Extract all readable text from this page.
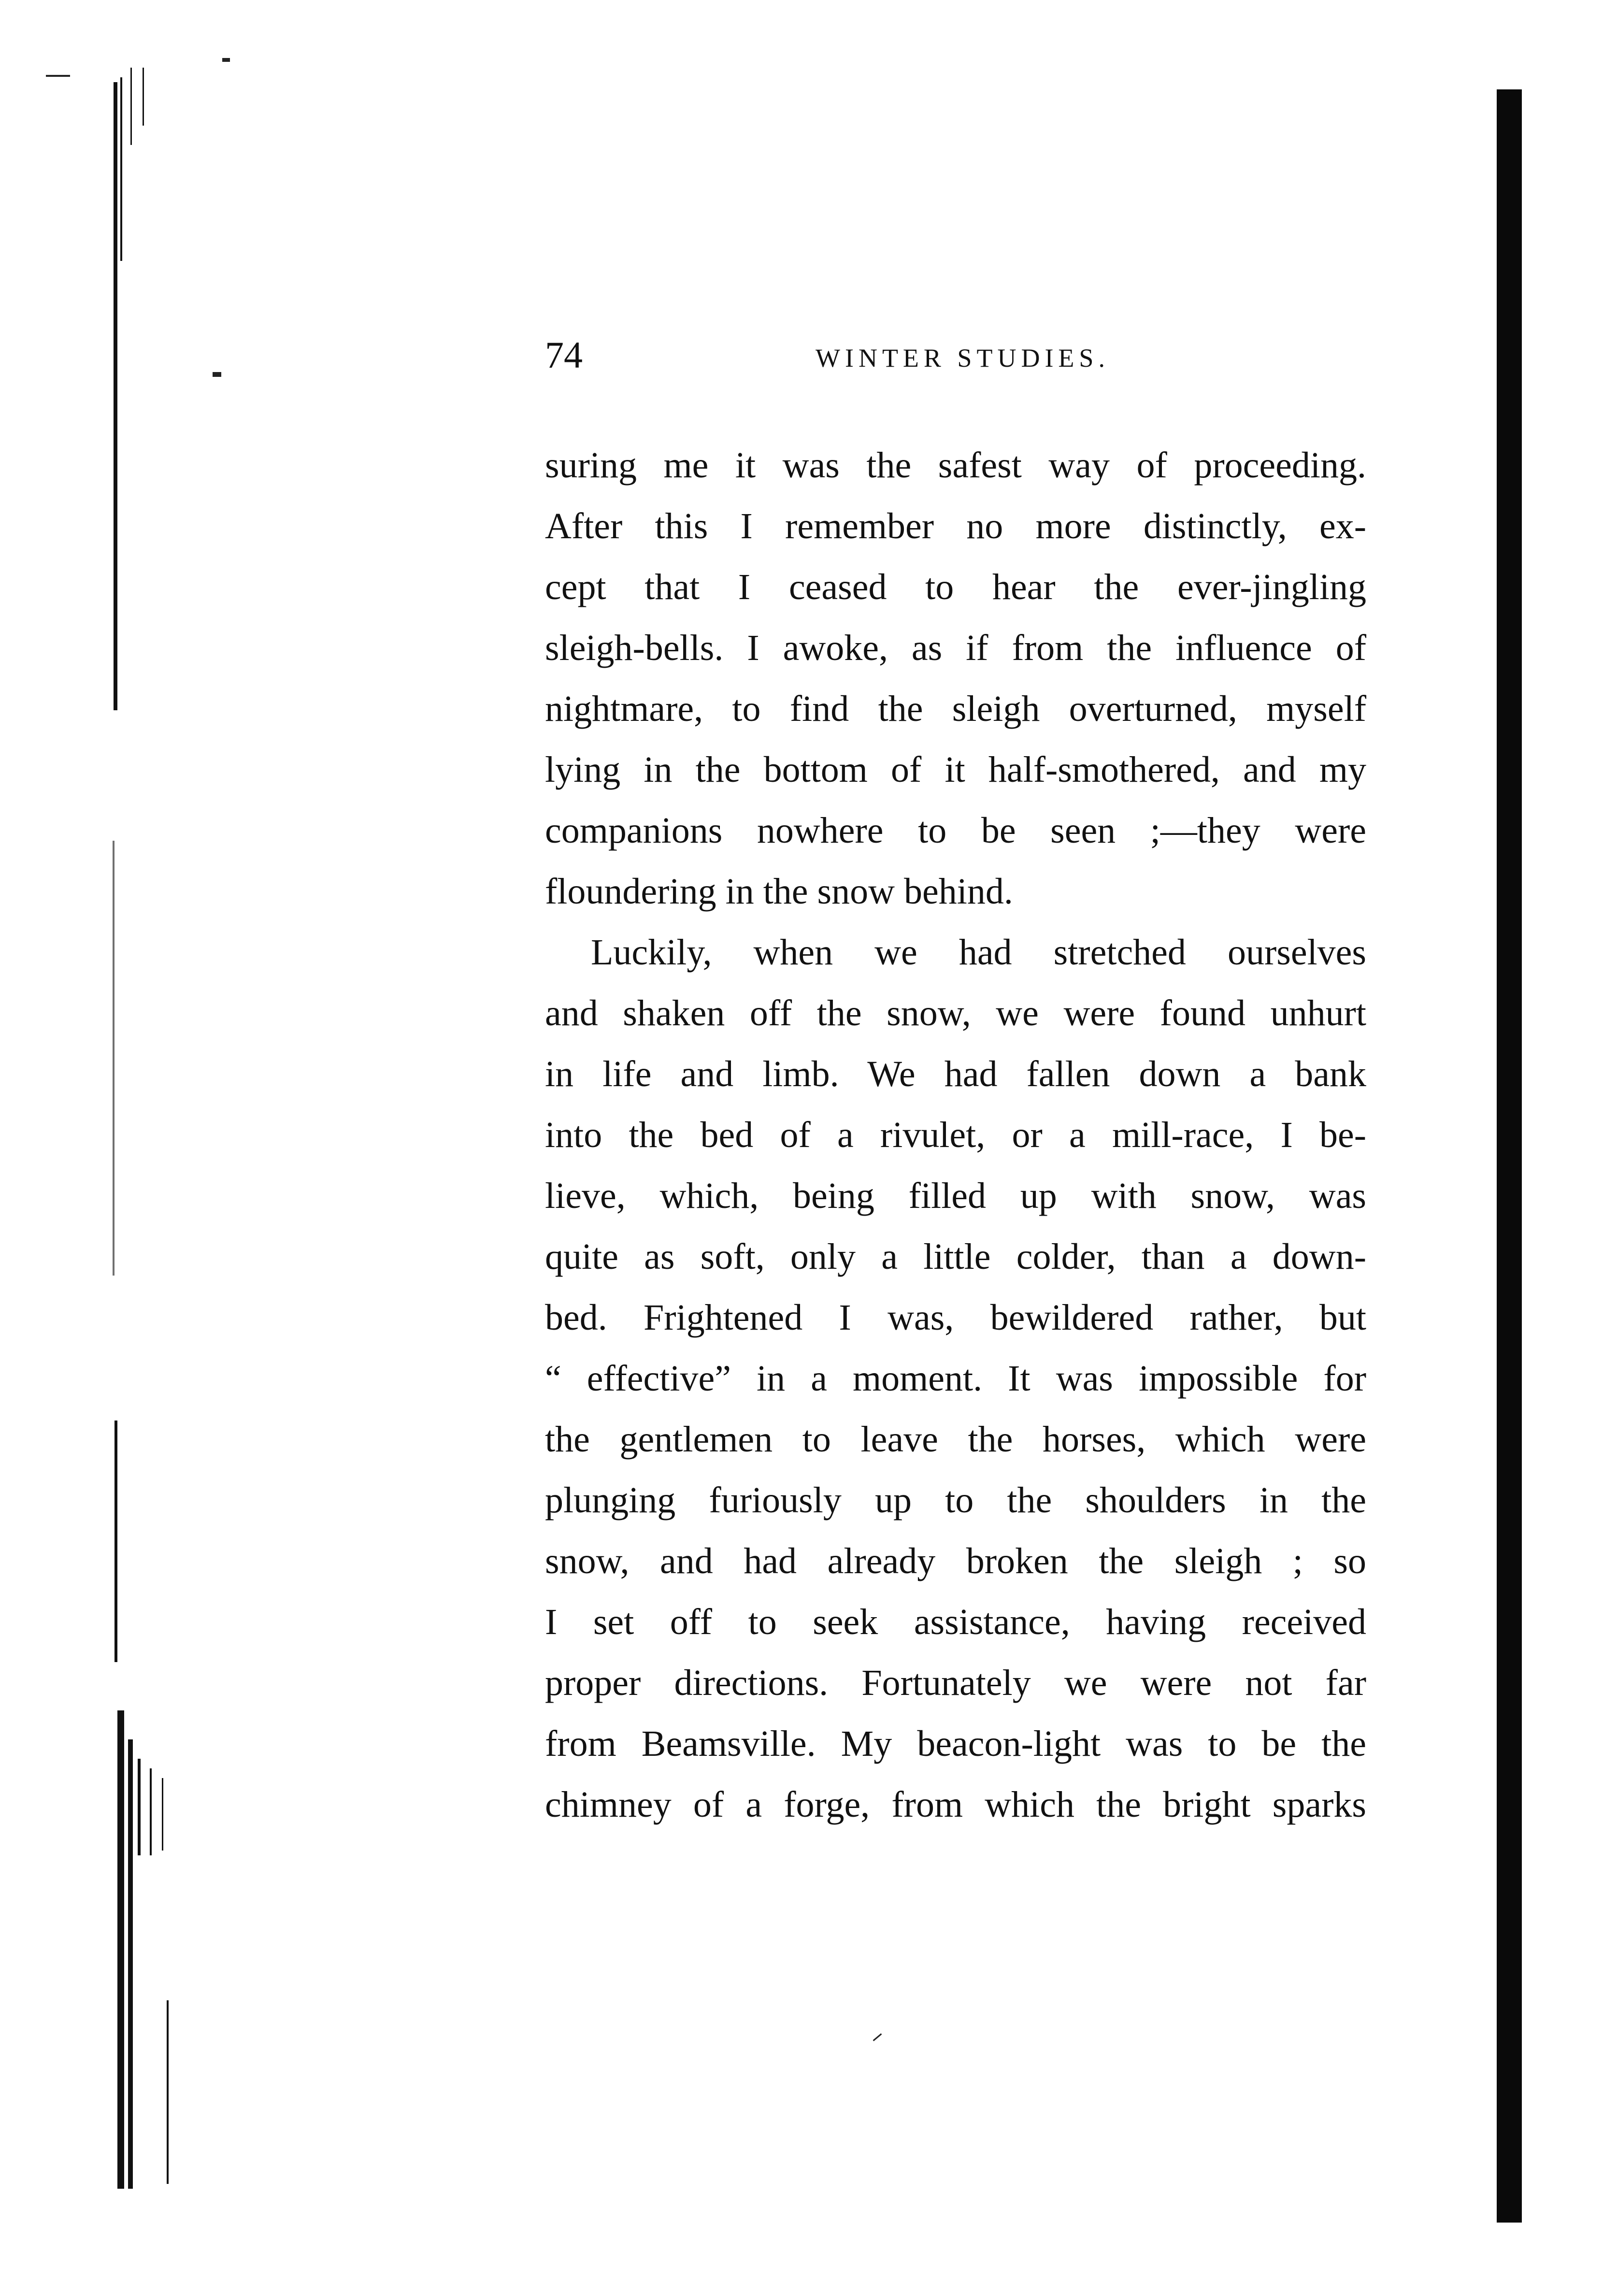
74	WINTER STUDIES.
suring me it was the safest way of proceeding.
After this I remember no more distinctly, ex-
cept that I ceased to hear the ever-jingling
sleigh-bells. I awoke, as if from the influence of
nightmare, to find the sleigh overturned, myself
lying in the bottom of it half-smothered, and my
companions nowhere to be seen ;—they were
floundering in the snow behind.
Luckily, when we had stretched ourselves
and shaken off the snow, we were found unhurt
in life and limb. We had fallen down a bank
into the bed of a rivulet, or a mill-race, I be-
lieve, which, being filled up with snow, was
quite as soft, only a little colder, than a down-
bed. Frightened I was, bewildered rather, but
“ effective” in a moment. It was impossible for
the gentlemen to leave the horses, which were
plunging furiously up to the shoulders in the
snow, and had already broken the sleigh ; so
I set off to seek assistance, having received
proper directions. Fortunately we were not far
from Beamsville. My beacon-light was to be the
chimney of a forge, from which the bright sparks
